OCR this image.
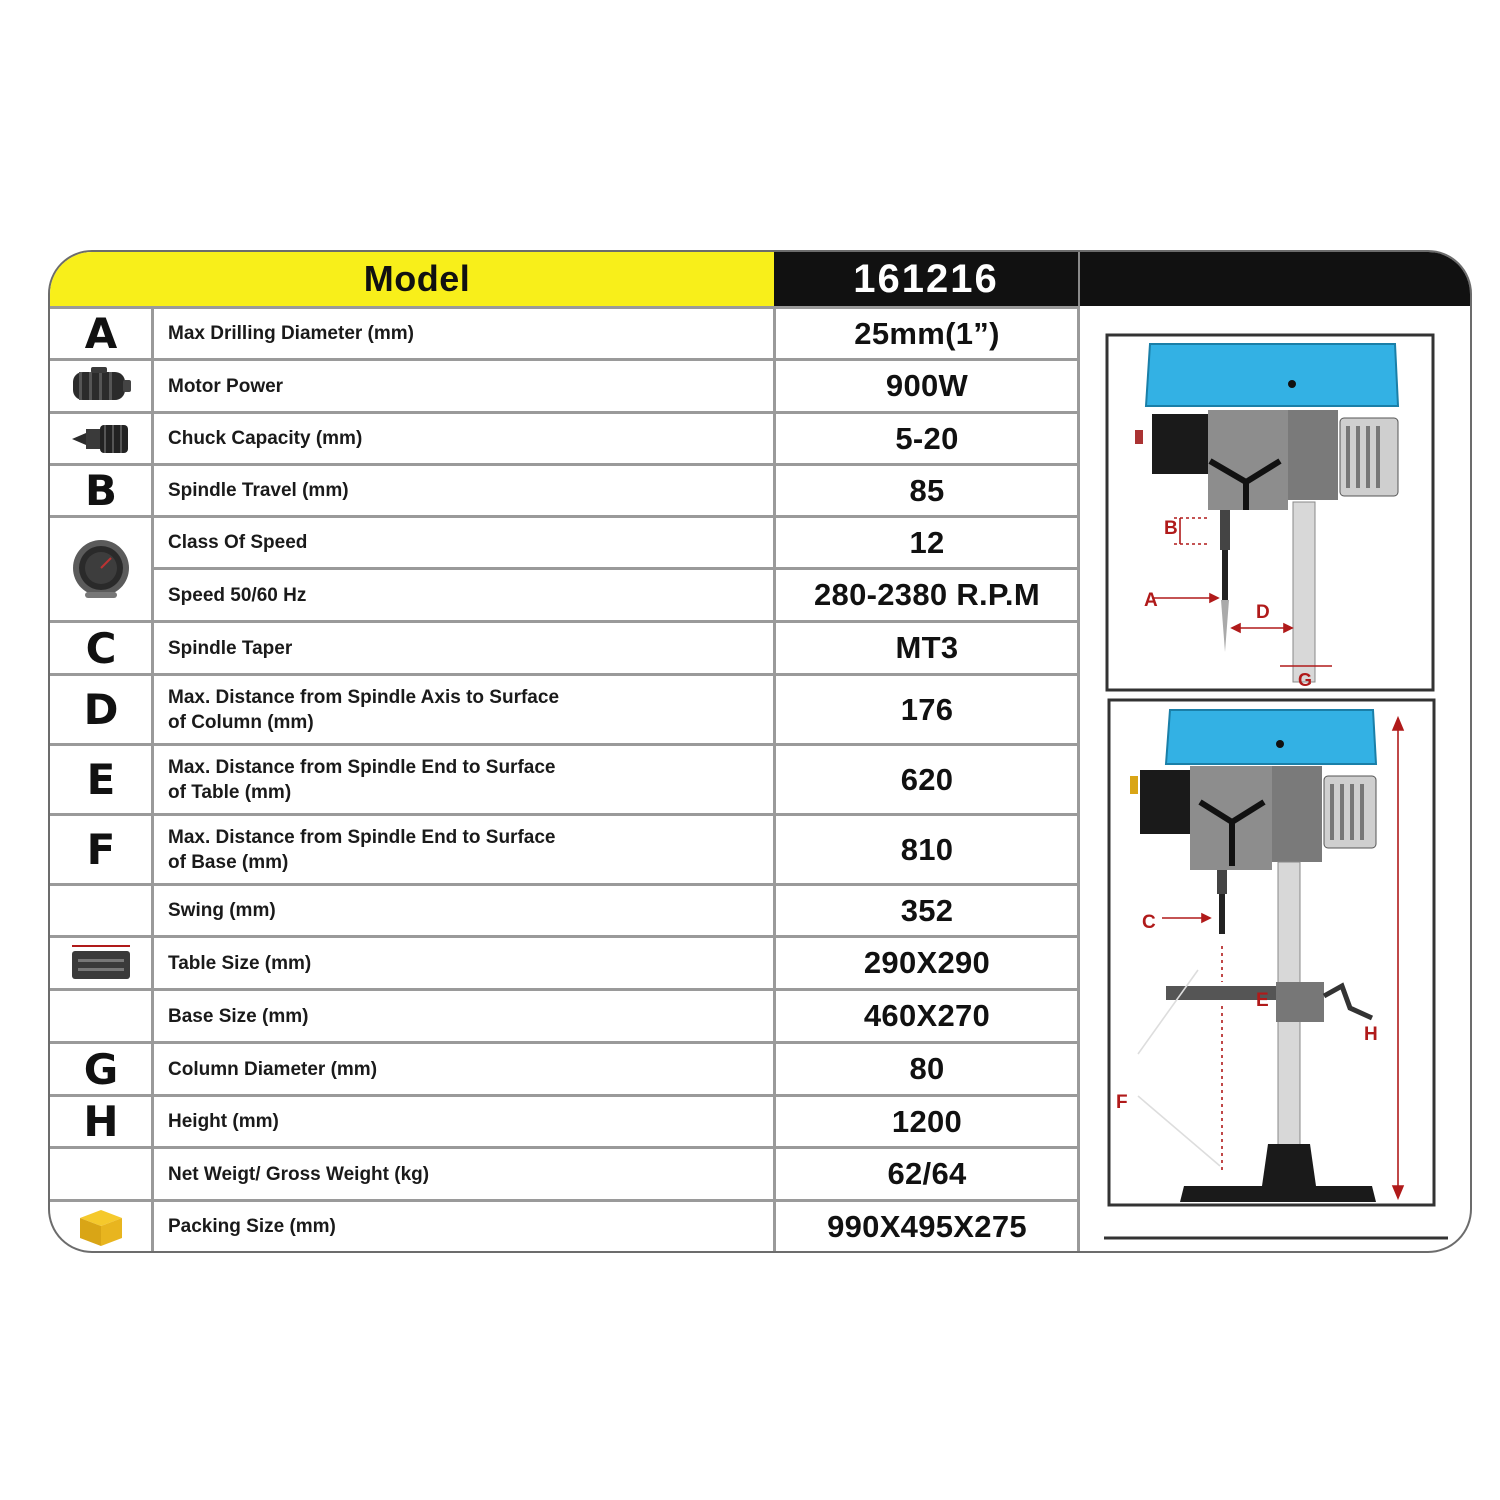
Model	161216
A	Max Drilling Diameter (mm)	25mm(1”)
Motor Power	900W
Chuck Capacity (mm)	5-20
B	Spindle Travel (mm)	85
Class Of Speed	12
Speed 50/60 Hz	280-2380 R.P.M
C	Spindle Taper	MT3
D	Max. Distance from Spindle Axis to Surface
of Column (mm)	176
E	Max. Distance from Spindle End to Surface
of Table (mm)	620
F	Max. Distance from Spindle End to Surface
of Base (mm)	810
Swing (mm)	352
Table Size (mm)	290X290
Base Size (mm)	460X270
G	Column Diameter (mm)	80
H	Height (mm)	1200
Net Weigt/ Gross Weight (kg)	62/64
Packing Size (mm)	990X495X275
B
A
D
G
C
E
F
H
